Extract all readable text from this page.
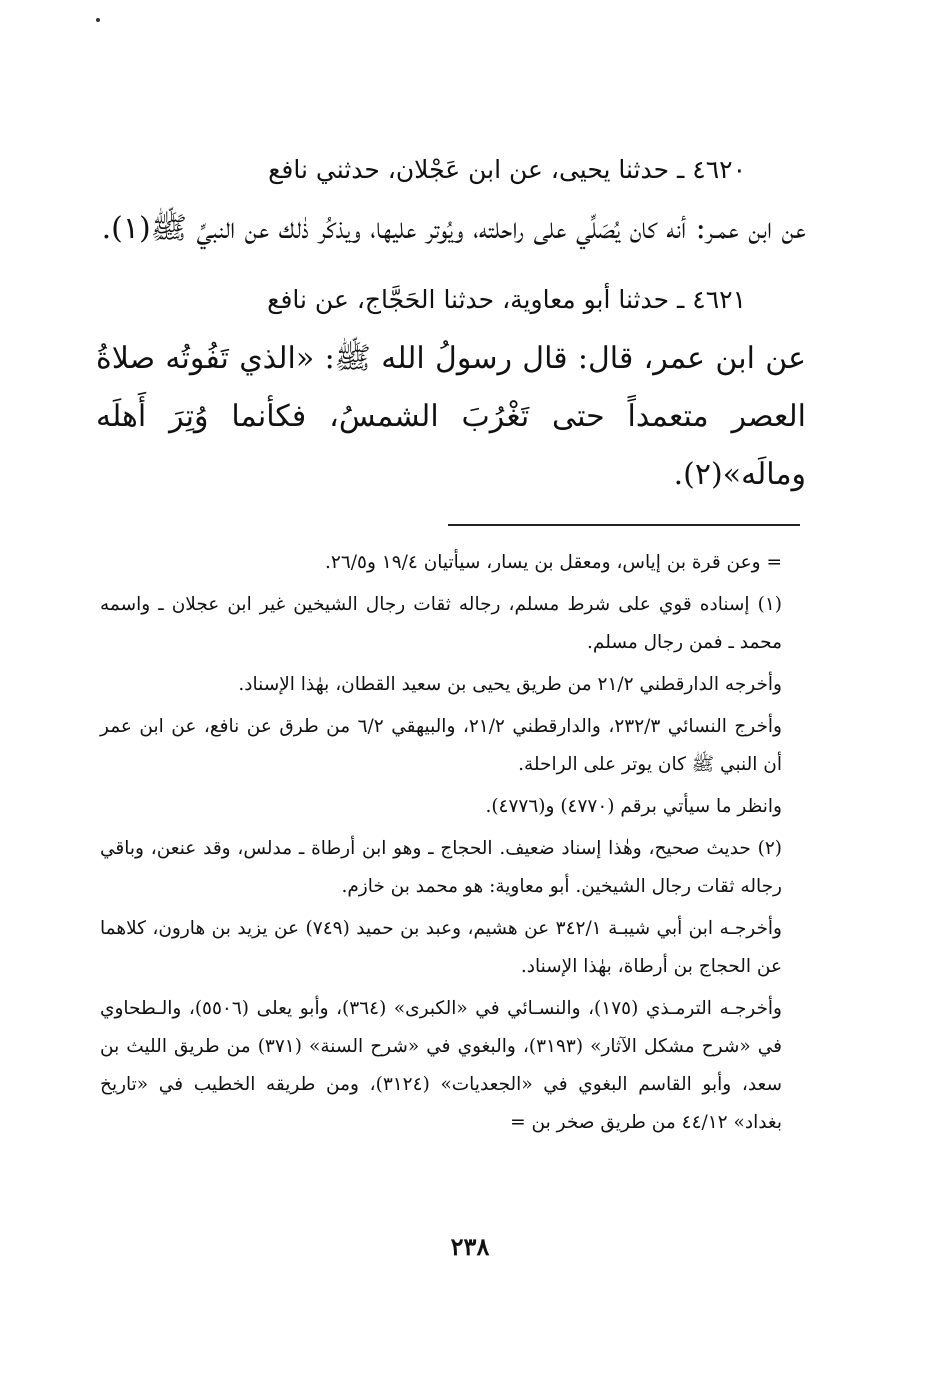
٤٦٢٠ ـ حدثنا يحيى، عن ابن عَجْلان، حدثني نافع
عن ابن عمـر: أنه كان يُصَلِّي على راحلته، ويُوتر عليها، ويذكُر ذٰلك عن النبيِّ ﷺ(١).
٤٦٢١ ـ حدثنا أبو معاوية، حدثنا الحَجَّاج، عن نافع
عن ابن عمر، قال: قال رسولُ الله ﷺ: «الذي تَفُوتُه صلاةُ العصر متعمداً حتى تَغْرُبَ الشمسُ، فكأنما وُتِرَ أَهلَه ومالَه»(٢).
= وعن قرة بن إياس، ومعقل بن يسار، سيأتيان ١٩/٤ و٢٦/٥.
(١) إسناده قوي على شرط مسلم، رجاله ثقات رجال الشيخين غير ابن عجلان ـ واسمه محمد ـ فمن رجال مسلم.
وأخرجه الدارقطني ٢١/٢ من طريق يحيى بن سعيد القطان، بهٰذا الإسناد.
وأخرج النسائي ٢٣٢/٣، والدارقطني ٢١/٢، والبيهقي ٦/٢ من طرق عن نافع، عن ابن عمر أن النبي ﷺ كان يوتر على الراحلة.
وانظر ما سيأتي برقم (٤٧٧٠) و(٤٧٧٦).
(٢) حديث صحيح، وهٰذا إسناد ضعيف. الحجاج ـ وهو ابن أرطاة ـ مدلس، وقد عنعن، وباقي رجاله ثقات رجال الشيخين. أبو معاوية: هو محمد بن خازم.
وأخرجـه ابن أبي شيبـة ٣٤٢/١ عن هشيم، وعبد بن حميد (٧٤٩) عن يزيد بن هارون، كلاهما عن الحجاج بن أرطاة، بهٰذا الإسناد.
وأخرجـه الترمـذي (١٧٥)، والنسـائي في «الكبرى» (٣٦٤)، وأبو يعلى (٥٥٠٦)، والـطحاوي في «شرح مشكل الآثار» (٣١٩٣)، والبغوي في «شرح السنة» (٣٧١) من طريق الليث بن سعد، وأبو القاسم البغوي في «الجعديات» (٣١٢٤)، ومن طريقه الخطيب في «تاريخ بغداد» ٤٤/١٢ من طريق صخر بن =
٢٣٨
